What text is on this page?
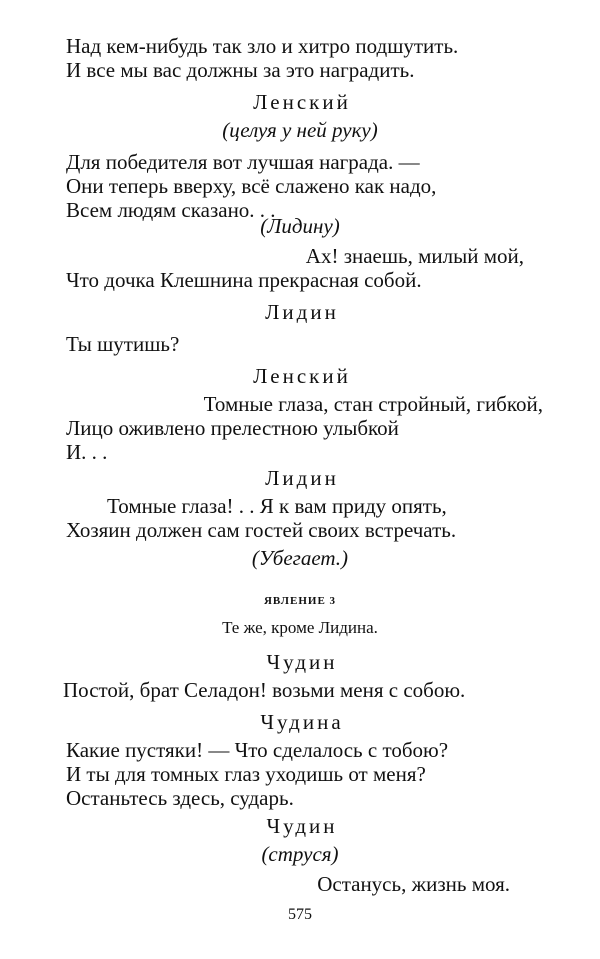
Над кем-нибудь так зло и хитро подшутить.
И все мы вас должны за это наградить.
Ленский
(целуя у ней руку)
Для победителя вот лучшая награда. —
Они теперь вверху, всё слажено как надо,
Всем людям сказано. . .
(Лидину)
Ах! знаешь, милый мой,
Что дочка Клешнина прекрасная собой.
Лидин
Ты шутишь?
Ленский
Томные глаза, стан стройный, гибкой,
Лицо оживлено прелестною улыбкой
И. . .
Лидин
Томные глаза! . . Я к вам приду опять,
Хозяин должен сам гостей своих встречать.
(Убегает.)
ЯВЛЕНИЕ 3
Те же, кроме Лидина.
Чудин
Постой, брат Селадон! возьми меня с собою.
Чудина
Какие пустяки! — Что сделалось с тобою?
И ты для томных глаз уходишь от меня?
Останьтесь здесь, сударь.
Чудин
(струся)
Останусь, жизнь моя.
575
